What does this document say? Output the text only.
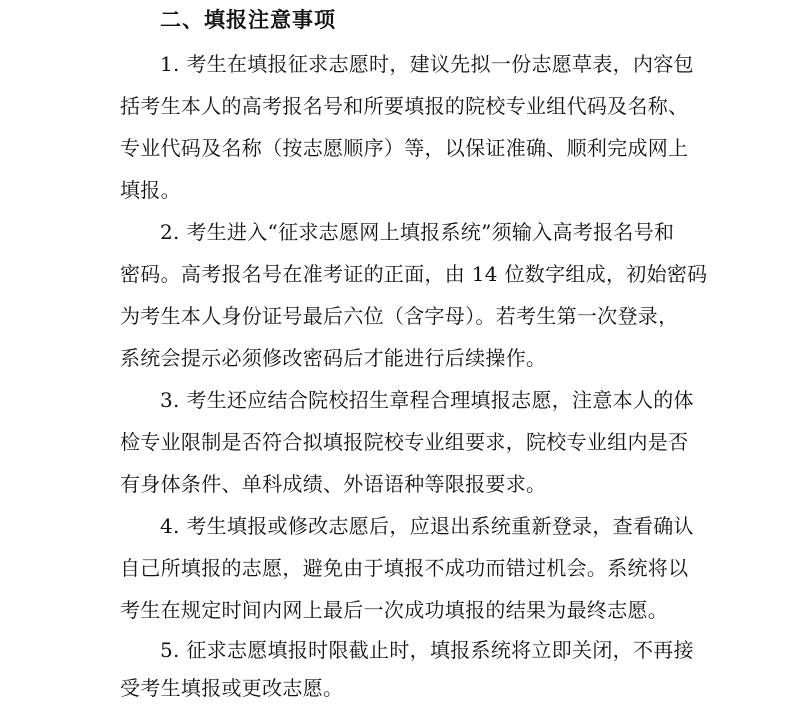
二、填报注意事项
1. 考生在填报征求志愿时，建议先拟一份志愿草表，内容包
括考生本人的高考报名号和所要填报的院校专业组代码及名称、
专业代码及名称（按志愿顺序）等，以保证准确、顺利完成网上
填报。
2. 考生进入“征求志愿网上填报系统”须输入高考报名号和
密码。高考报名号在准考证的正面，由 14 位数字组成，初始密码
为考生本人身份证号最后六位（含字母）。若考生第一次登录，
系统会提示必须修改密码后才能进行后续操作。
3. 考生还应结合院校招生章程合理填报志愿，注意本人的体
检专业限制是否符合拟填报院校专业组要求，院校专业组内是否
有身体条件、单科成绩、外语语种等限报要求。
4. 考生填报或修改志愿后，应退出系统重新登录，查看确认
自己所填报的志愿，避免由于填报不成功而错过机会。系统将以
考生在规定时间内网上最后一次成功填报的结果为最终志愿。
5. 征求志愿填报时限截止时，填报系统将立即关闭，不再接
受考生填报或更改志愿。
